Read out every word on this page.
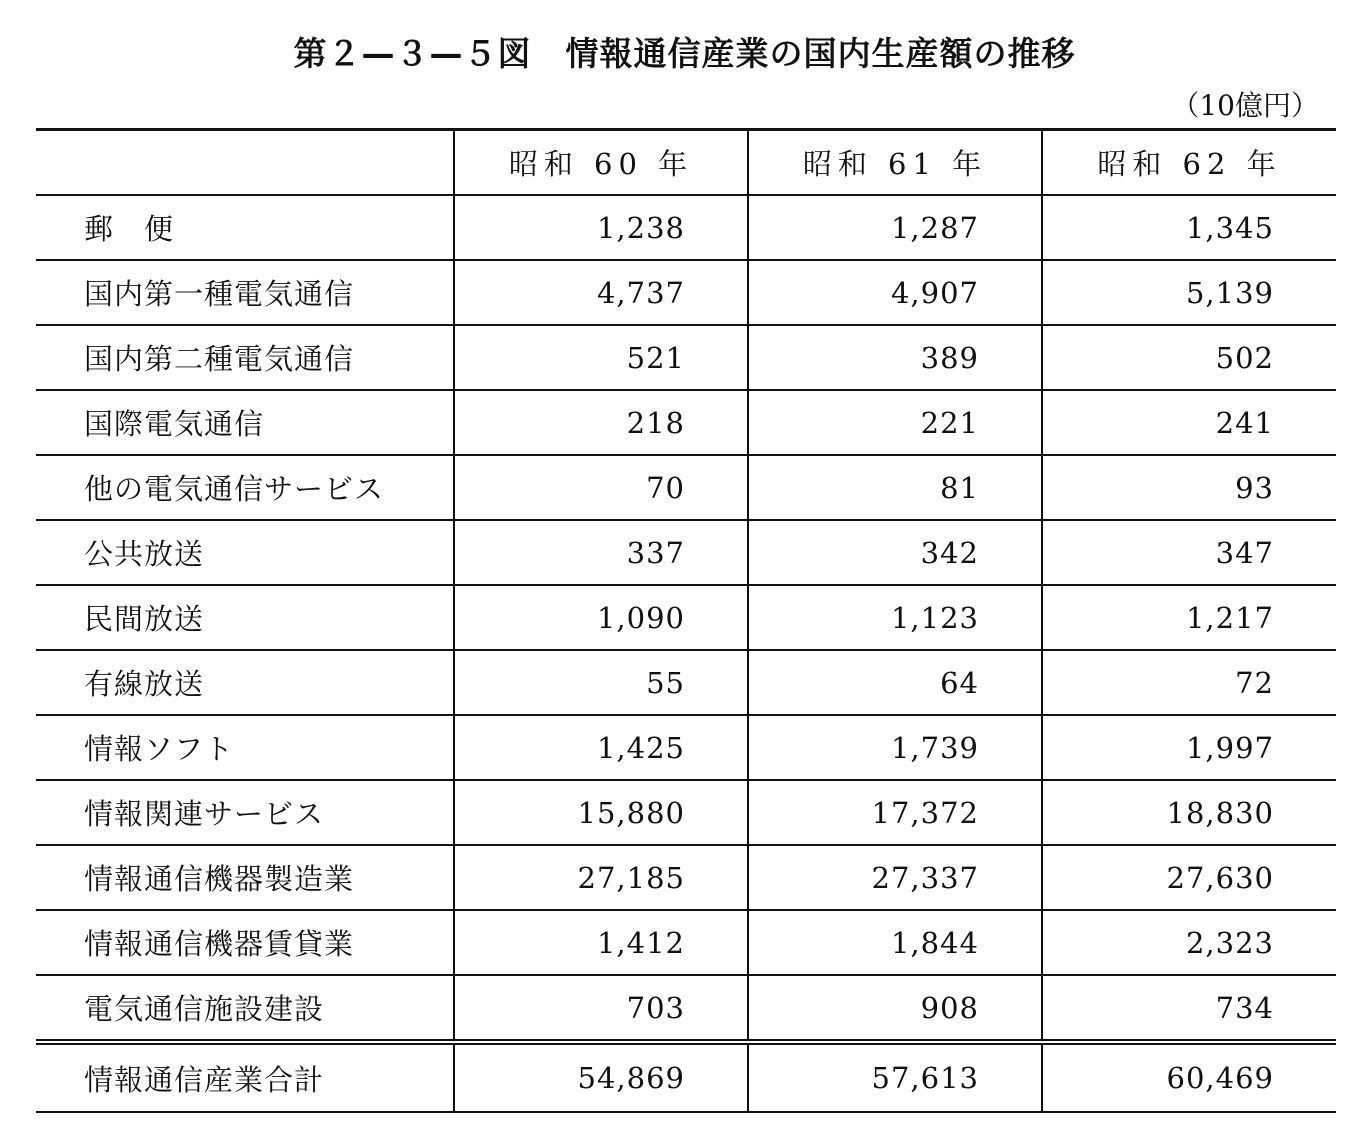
第２—３—５図　情報通信産業の国内生産額の推移
（10億円）
	昭和 60 年	昭和 61 年	昭和 62 年
郵　便	1,238	1,287	1,345
国内第一種電気通信	4,737	4,907	5,139
国内第二種電気通信	521	389	502
国際電気通信	218	221	241
他の電気通信サービス	70	81	93
公共放送	337	342	347
民間放送	1,090	1,123	1,217
有線放送	55	64	72
情報ソフト	1,425	1,739	1,997
情報関連サービス	15,880	17,372	18,830
情報通信機器製造業	27,185	27,337	27,630
情報通信機器賃貸業	1,412	1,844	2,323
電気通信施設建設	703	908	734
情報通信産業合計	54,869	57,613	60,469
